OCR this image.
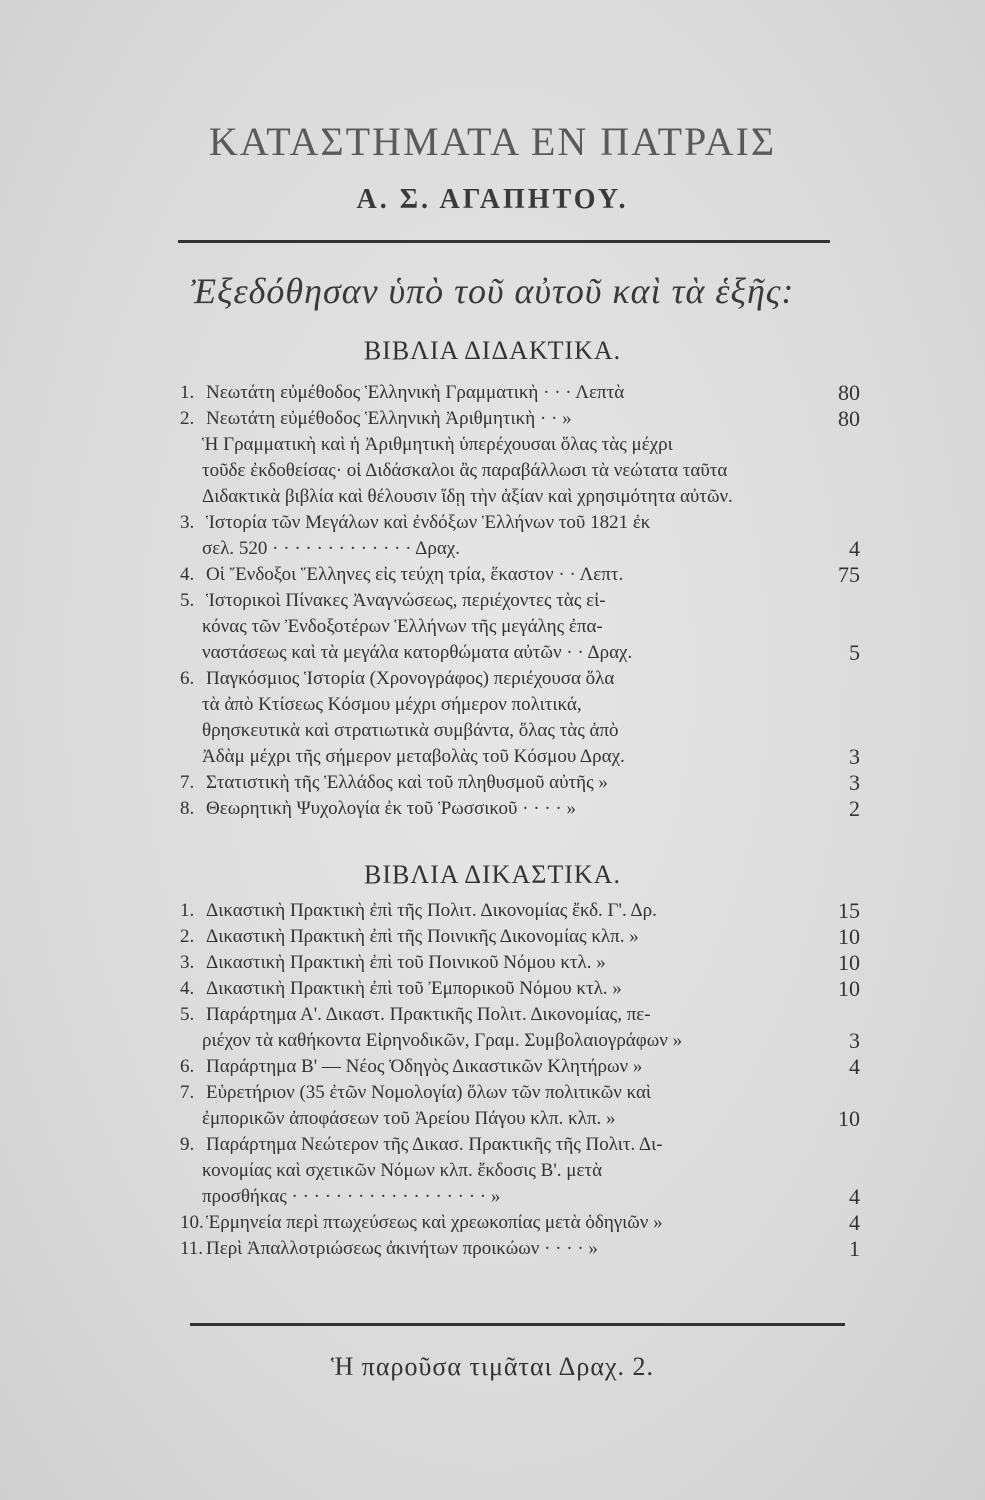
ΚΑΤΑΣΤΗΜΑΤΑ ΕΝ ΠΑΤΡΑΙΣ
Α. Σ. ΑΓΑΠΗΤΟΥ.
Ἐξεδόθησαν ὑπὸ τοῦ αὐτοῦ καὶ τὰ ἑξῆς:
ΒΙΒΛΙΑ ΔΙΔΑΚΤΙΚΑ.
1. Νεωτάτη εὐμέθοδος Ἑλληνικὴ Γραμματικὴ · · · Λεπτὰ	80
2. Νεωτάτη εὐμέθοδος Ἑλληνικὴ Ἀριθμητικὴ · · »	80
Ἡ Γραμματικὴ καὶ ἡ Ἀριθμητικὴ ὑπερέχουσαι ὅλας τὰς μέχρι
τοῦδε ἐκδοθείσας· οἱ Διδάσκαλοι ἂς παραβάλλωσι τὰ νεώτατα ταῦτα
Διδακτικὰ βιβλία καὶ θέλουσιν ἴδῃ τὴν ἀξίαν καὶ χρησιμότητα αὐτῶν.
3. Ἱστορία τῶν Μεγάλων καὶ ἐνδόξων Ἑλλήνων τοῦ 1821 ἐκ
σελ. 520 · · · · · · · · · · · · · Δραχ.	4
4. Οἱ Ἔνδοξοι Ἕλληνες εἰς τεύχη τρία, ἕκαστον · · Λεπτ.	75
5. Ἱστορικοὶ Πίνακες Ἀναγνώσεως, περιέχοντες τὰς εἰ-
κόνας τῶν Ἐνδοξοτέρων Ἑλλήνων τῆς μεγάλης ἐπα-
ναστάσεως καὶ τὰ μεγάλα κατορθώματα αὐτῶν · · Δραχ.	5
6. Παγκόσμιος Ἱστορία (Χρονογράφος) περιέχουσα ὅλα
τὰ ἀπὸ Κτίσεως Κόσμου μέχρι σήμερον πολιτικά,
θρησκευτικὰ καὶ στρατιωτικὰ συμβάντα, ὅλας τὰς ἀπὸ
Ἀδὰμ μέχρι τῆς σήμερον μεταβολὰς τοῦ Κόσμου Δραχ.	3
7. Στατιστικὴ τῆς Ἑλλάδος καὶ τοῦ πληθυσμοῦ αὐτῆς »	3
8. Θεωρητικὴ Ψυχολογία ἐκ τοῦ Ῥωσσικοῦ · · · · »	2
ΒΙΒΛΙΑ ΔΙΚΑΣΤΙΚΑ.
1. Δικαστικὴ Πρακτικὴ ἐπὶ τῆς Πολιτ. Δικονομίας ἔκδ. Γ'. Δρ.	15
2. Δικαστικὴ Πρακτικὴ ἐπὶ τῆς Ποινικῆς Δικονομίας κλπ. »	10
3. Δικαστικὴ Πρακτικὴ ἐπὶ τοῦ Ποινικοῦ Νόμου κτλ. »	10
4. Δικαστικὴ Πρακτικὴ ἐπὶ τοῦ Ἐμπορικοῦ Νόμου κτλ. »	10
5. Παράρτημα Α'. Δικαστ. Πρακτικῆς Πολιτ. Δικονομίας, πε-
ριέχον τὰ καθήκοντα Εἰρηνοδικῶν, Γραμ. Συμβολαιογράφων »	3
6. Παράρτημα Β' — Νέος Ὁδηγὸς Δικαστικῶν Κλητήρων »	4
7. Εὑρετήριον (35 ἐτῶν Νομολογία) ὅλων τῶν πολιτικῶν καὶ
ἐμπορικῶν ἀποφάσεων τοῦ Ἀρείου Πάγου κλπ. κλπ. »	10
9. Παράρτημα Νεώτερον τῆς Δικασ. Πρακτικῆς τῆς Πολιτ. Δι-
κονομίας καὶ σχετικῶν Νόμων κλπ. ἔκδοσις Β'. μετὰ
προσθήκας · · · · · · · · · · · · · · · · · · »	4
10. Ἑρμηνεία περὶ πτωχεύσεως καὶ χρεωκοπίας μετὰ ὁδηγιῶν »	4
11. Περὶ Ἀπαλλοτριώσεως ἀκινήτων προικώων · · · · »	1
Ἡ παροῦσα τιμᾶται Δραχ. 2.
